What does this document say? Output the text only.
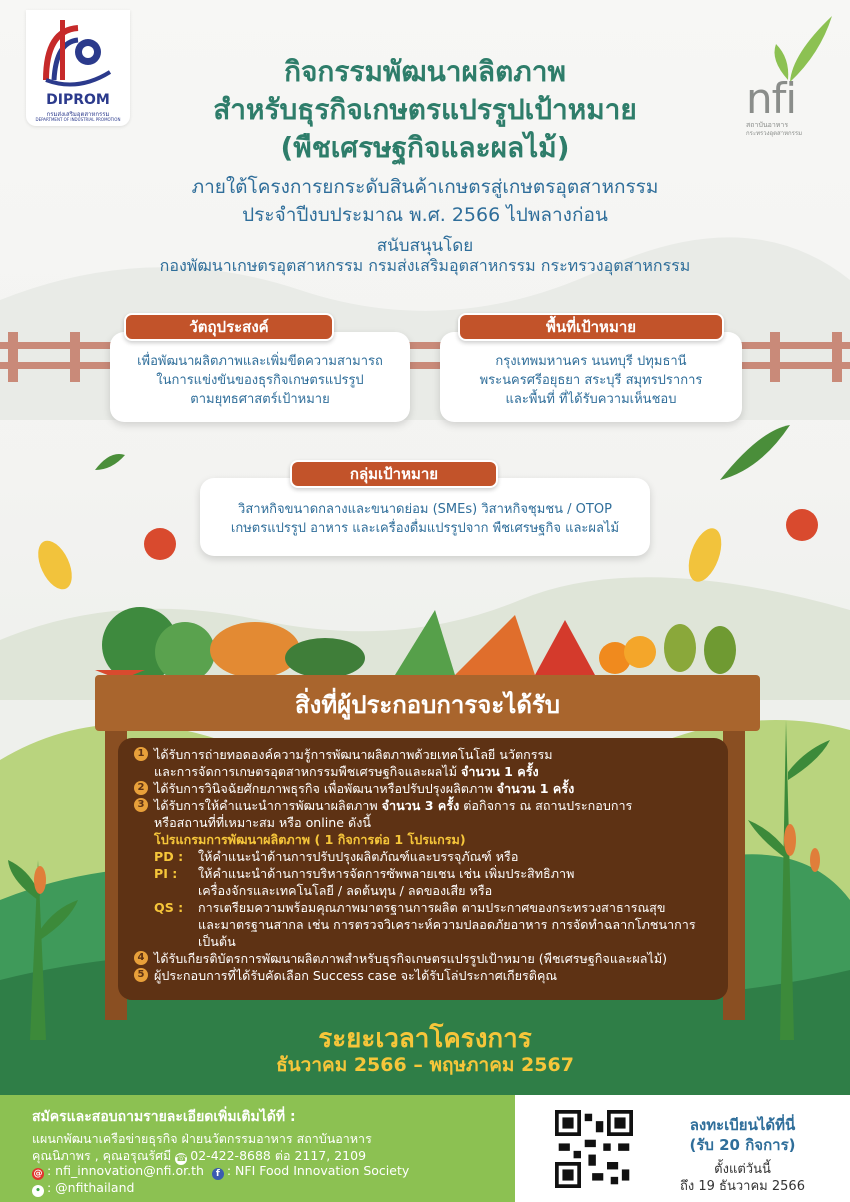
DIPROM
กรมส่งเสริมอุตสาหกรรม
DEPARTMENT OF INDUSTRIAL PROMOTION	nfi
สถาบันอาหาร
กระทรวงอุตสาหกรรม
กิจกรรมพัฒนาผลิตภาพ
สำหรับธุรกิจเกษตรแปรรูปเป้าหมาย
(พืชเศรษฐกิจและผลไม้)
ภายใต้โครงการยกระดับสินค้าเกษตรสู่เกษตรอุตสาหกรรม
ประจำปีงบประมาณ พ.ศ. 2566 ไปพลางก่อน
สนับสนุนโดย
กองพัฒนาเกษตรอุตสาหกรรม กรมส่งเสริมอุตสาหกรรม กระทรวงอุตสาหกรรม
เพื่อพัฒนาผลิตภาพและเพิ่มขีดความสามารถ
ในการแข่งขันของธุรกิจเกษตรแปรรูป
ตามยุทธศาสตร์เป้าหมาย
วัตถุประสงค์
กรุงเทพมหานคร นนทบุรี ปทุมธานี
พระนครศรีอยุธยา สระบุรี สมุทรปราการ
และพื้นที่ ที่ได้รับความเห็นชอบ
พื้นที่เป้าหมาย
วิสาหกิจขนาดกลางและขนาดย่อม (SMEs) วิสาหกิจชุมชน / OTOP
เกษตรแปรรูป อาหาร และเครื่องดื่มแปรรูปจาก พืชเศรษฐกิจ และผลไม้
กลุ่มเป้าหมาย
สิ่งที่ผู้ประกอบการจะได้รับ
1 ได้รับการถ่ายทอดองค์ความรู้การพัฒนาผลิตภาพด้วยเทคโนโลยี นวัตกรรม
และการจัดการเกษตรอุตสาหกรรมพืชเศรษฐกิจและผลไม้ จำนวน 1 ครั้ง
2 ได้รับการวินิจฉัยศักยภาพธุรกิจ เพื่อพัฒนาหรือปรับปรุงผลิตภาพ จำนวน 1 ครั้ง
3 ได้รับการให้คำแนะนำการพัฒนาผลิตภาพ จำนวน 3 ครั้ง ต่อกิจการ ณ สถานประกอบการ
หรือสถานที่ที่เหมาะสม หรือ online ดังนี้
โปรแกรมการพัฒนาผลิตภาพ ( 1 กิจการต่อ 1 โปรแกรม)
PD : ให้คำแนะนำด้านการปรับปรุงผลิตภัณฑ์และบรรจุภัณฑ์ หรือ
PI : ให้คำแนะนำด้านการบริหารจัดการซัพพลายเชน เช่น เพิ่มประสิทธิภาพ
เครื่องจักรและเทคโนโลยี / ลดต้นทุน / ลดของเสีย หรือ
QS : การเตรียมความพร้อมคุณภาพมาตรฐานการผลิต ตามประกาศของกระทรวงสาธารณสุข
และมาตรฐานสากล เช่น การตรวจวิเคราะห์ความปลอดภัยอาหาร การจัดทำฉลากโภชนาการ เป็นต้น
4 ได้รับเกียรติบัตรการพัฒนาผลิตภาพสำหรับธุรกิจเกษตรแปรรูปเป้าหมาย (พืชเศรษฐกิจและผลไม้)
5 ผู้ประกอบการที่ได้รับคัดเลือก Success case จะได้รับโล่ประกาศเกียรติคุณ
ระยะเวลาโครงการ
ธันวาคม 2566 – พฤษภาคม 2567
สมัครและสอบถามรายละเอียดเพิ่มเติมได้ที่ :
แผนกพัฒนาเครือข่ายธุรกิจ ฝ่ายนวัตกรรมอาหาร สถาบันอาหาร
คุณนิภาพร , คุณอรุณรัศมี ☎ 02-422-8688 ต่อ 2117, 2109
@ : nfi_innovation@nfi.or.th f : NFI Food Innovation Society
• : @nfithailand
ลงทะเบียนได้ที่นี่
(รับ 20 กิจการ)
ตั้งแต่วันนี้
ถึง 19 ธันวาคม 2566
